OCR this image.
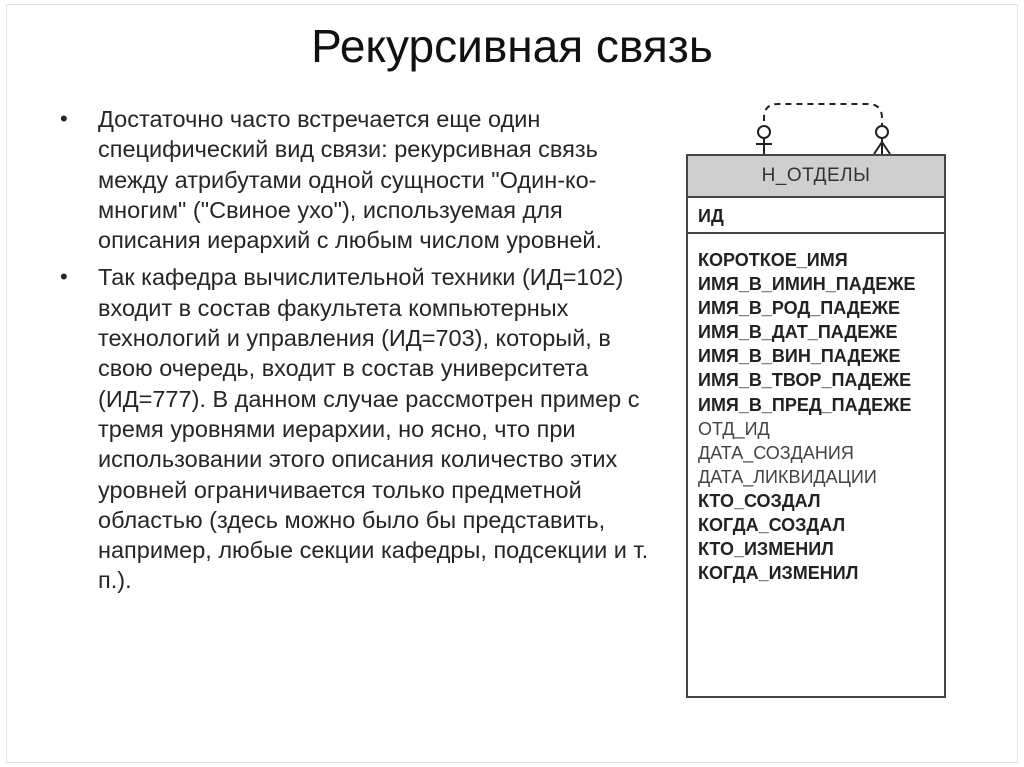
Рекурсивная связь
• Достаточно часто встречается еще один специфический вид связи: рекурсивная связь между атрибутами одной сущности "Один-ко-многим" ("Свиное ухо"), используемая для описания иерархий с любым числом уровней.
• Так кафедра вычислительной техники (ИД=102) входит в состав факультета компьютерных технологий и управления (ИД=703), который, в свою очередь, входит в состав университета (ИД=777). В данном случае рассмотрен пример с тремя уровнями иерархии, но ясно, что при использовании этого описания количество этих уровней ограничивается только предметной областью (здесь можно было бы представить, например, любые секции кафедры, подсекции и т. п.).
Н_ОТДЕЛЫ
ИД
КОРОТКОЕ_ИМЯ
ИМЯ_В_ИМИН_ПАДЕЖЕ
ИМЯ_В_РОД_ПАДЕЖЕ
ИМЯ_В_ДАТ_ПАДЕЖЕ
ИМЯ_В_ВИН_ПАДЕЖЕ
ИМЯ_В_ТВОР_ПАДЕЖЕ
ИМЯ_В_ПРЕД_ПАДЕЖЕ
ОТД_ИД
ДАТА_СОЗДАНИЯ
ДАТА_ЛИКВИДАЦИИ
КТО_СОЗДАЛ
КОГДА_СОЗДАЛ
КТО_ИЗМЕНИЛ
КОГДА_ИЗМЕНИЛ
